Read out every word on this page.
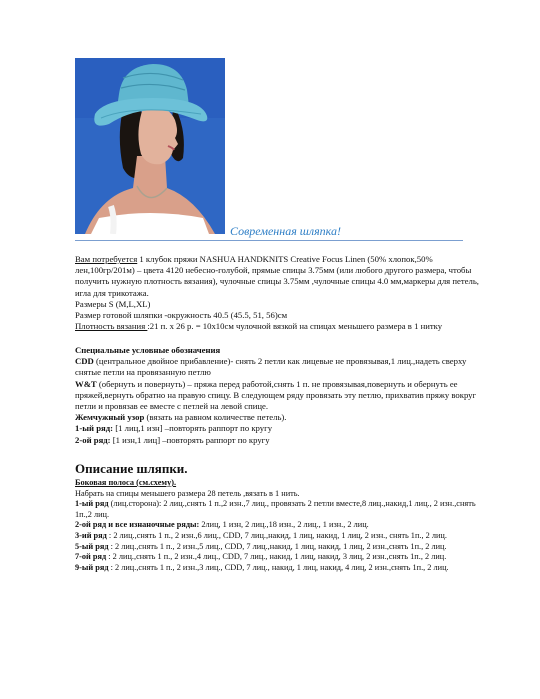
Современная шляпка!

Вам потребуется 1 клубок пряжи NASHUA HANDKNITS Creative Focus Linen (50% хлопок,50% лен,100гр/201м) – цвета 4120 небесно-голубой, прямые спицы 3.75мм (или любого другого размера, чтобы получить нужную плотность вязания), чулочные спицы 3.75мм ,чулочные спицы 4.0 мм,маркеры для петель, игла для трикотажа.

Размеры S (M,L,XL)

Размер готовой шляпки -окружность 40.5 (45.5, 51, 56)см

Плотность вязания :21 п. х 26 р. = 10х10см чулочной вязкой на спицах меньшего размера в 1 нитку

Специальные условные обозначения

CDD (центральное двойное прибавление)- снять 2 петли как лицевые не провязывая,1 лиц.,надеть сверху снятые петли на провязанную петлю

W&T (обернуть и повернуть) – пряжа перед работой,снять 1 п. не провязывая,повернуть и обернуть ее пряжей,вернуть обратно на правую спицу. В следующем ряду провязать эту петлю, прихватив пряжу вокруг петли и провязав ее вместе с петлей на левой спице.

Жемчужный узор (вязать на равном количестве петель).

1-ый ряд: [1 лиц,1 изн] –повторять раппорт по кругу

2-ой ряд: [1 изн,1 лиц] –повторять раппорт по кругу

Описание шляпки.

Боковая полоса (см.схему).

Набрать на спицы меньшего размера 28 петель ,вязать в 1 нить.

1-ый ряд (лиц.сторона): 2 лиц.,снять 1 п.,2 изн.,7 лиц., провязать 2 петли вместе,8 лиц.,накид,1 лиц., 2 изн.,снять 1п.,2 лиц.

2-ой ряд и все изнаночные ряды: 2лиц, 1 изн, 2 лиц.,18 изн., 2 лиц., 1 изн., 2 лиц.

3-ий ряд : 2 лиц.,снять 1 п., 2 изн.,6 лиц., CDD, 7 лиц.,накид, 1 лиц, накид, 1 лиц, 2 изн., снять 1п., 2 лиц.

5-ый ряд : 2 лиц.,снять 1 п., 2 изн.,5 лиц., CDD, 7 лиц.,накид, 1 лиц, накид, 1 лиц, 2 изн.,снять 1п., 2 лиц.

7-ой ряд : 2 лиц.,снять 1 п., 2 изн.,4 лиц., CDD, 7 лиц., накид, 1 лиц, накид, 3 лиц, 2 изн.,снять 1п., 2 лиц.

9-ый ряд : 2 лиц.,снять 1 п., 2 изн.,3 лиц., CDD, 7 лиц., накид, 1 лиц, накид, 4 лиц, 2 изн.,снять 1п., 2 лиц.
